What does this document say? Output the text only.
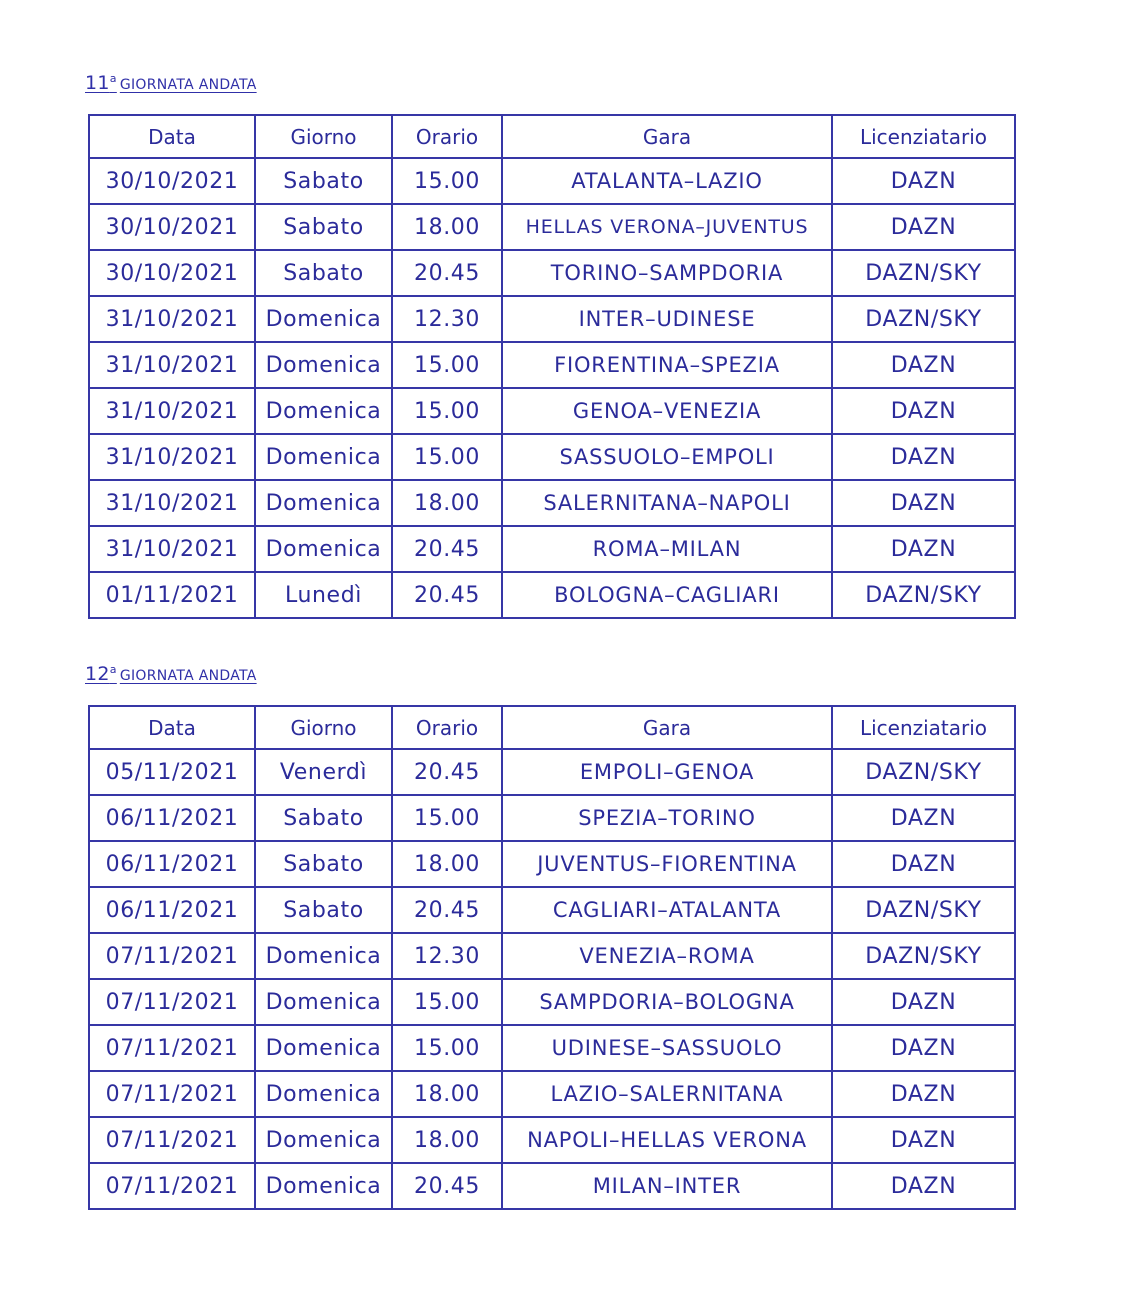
11$^a$ GIORNATA ANDATA
Data	Giorno	Orario	Gara	Licenziatario
30/10/2021	Sabato	15.00	ATALANTA–LAZIO	DAZN
30/10/2021	Sabato	18.00	HELLAS VERONA–JUVENTUS	DAZN
30/10/2021	Sabato	20.45	TORINO–SAMPDORIA	DAZN/SKY
31/10/2021	Domenica	12.30	INTER–UDINESE	DAZN/SKY
31/10/2021	Domenica	15.00	FIORENTINA–SPEZIA	DAZN
31/10/2021	Domenica	15.00	GENOA–VENEZIA	DAZN
31/10/2021	Domenica	15.00	SASSUOLO–EMPOLI	DAZN
31/10/2021	Domenica	18.00	SALERNITANA–NAPOLI	DAZN
31/10/2021	Domenica	20.45	ROMA–MILAN	DAZN
01/11/2021	Lunedì	20.45	BOLOGNA–CAGLIARI	DAZN/SKY
12$^a$ GIORNATA ANDATA
Data	Giorno	Orario	Gara	Licenziatario
05/11/2021	Venerdì	20.45	EMPOLI–GENOA	DAZN/SKY
06/11/2021	Sabato	15.00	SPEZIA–TORINO	DAZN
06/11/2021	Sabato	18.00	JUVENTUS–FIORENTINA	DAZN
06/11/2021	Sabato	20.45	CAGLIARI–ATALANTA	DAZN/SKY
07/11/2021	Domenica	12.30	VENEZIA–ROMA	DAZN/SKY
07/11/2021	Domenica	15.00	SAMPDORIA–BOLOGNA	DAZN
07/11/2021	Domenica	15.00	UDINESE–SASSUOLO	DAZN
07/11/2021	Domenica	18.00	LAZIO–SALERNITANA	DAZN
07/11/2021	Domenica	18.00	NAPOLI–HELLAS VERONA	DAZN
07/11/2021	Domenica	20.45	MILAN–INTER	DAZN
